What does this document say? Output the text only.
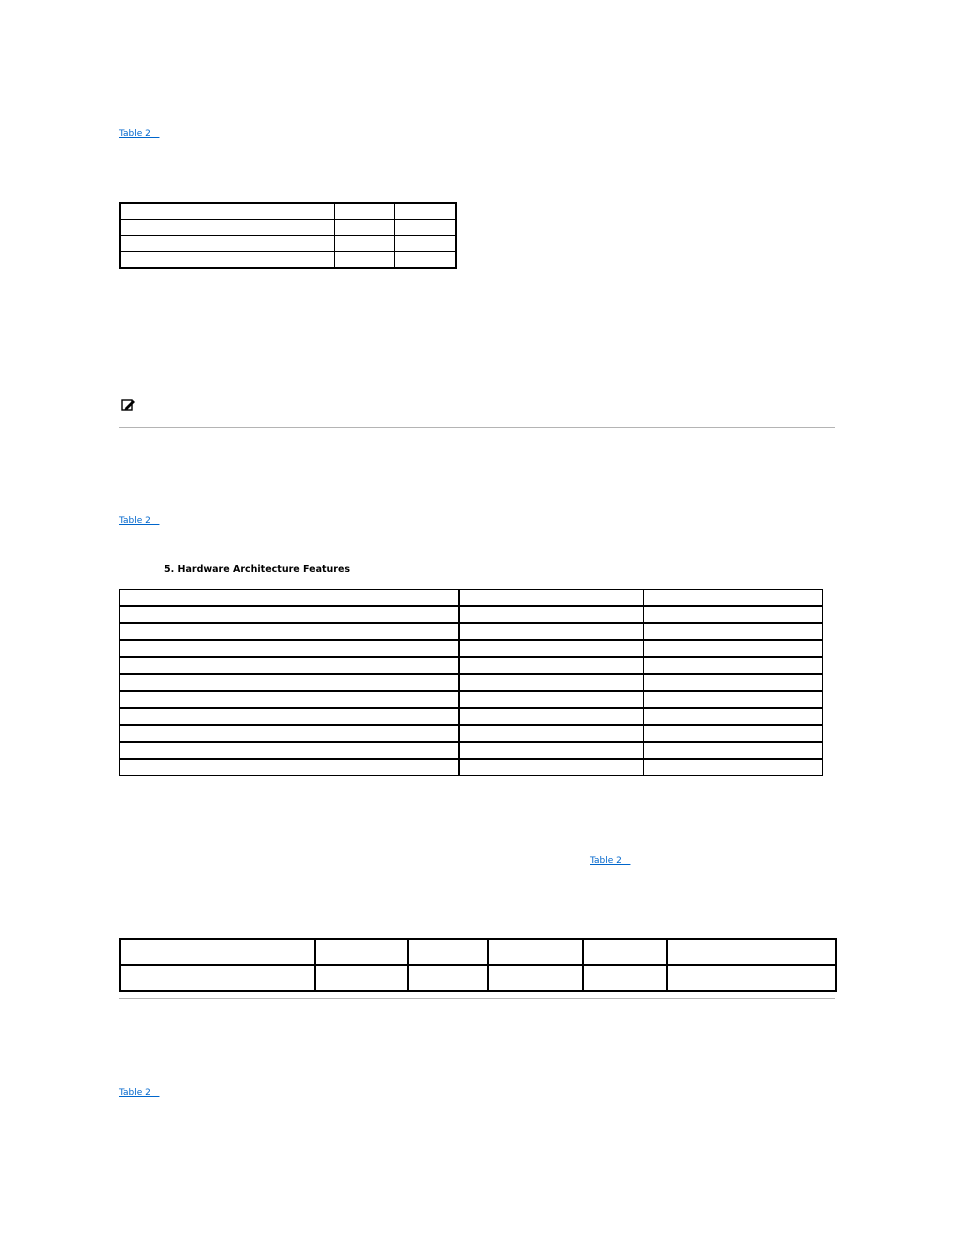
Table 2

Table 2
5. Hardware Architecture Features

Table 2

Table 2
